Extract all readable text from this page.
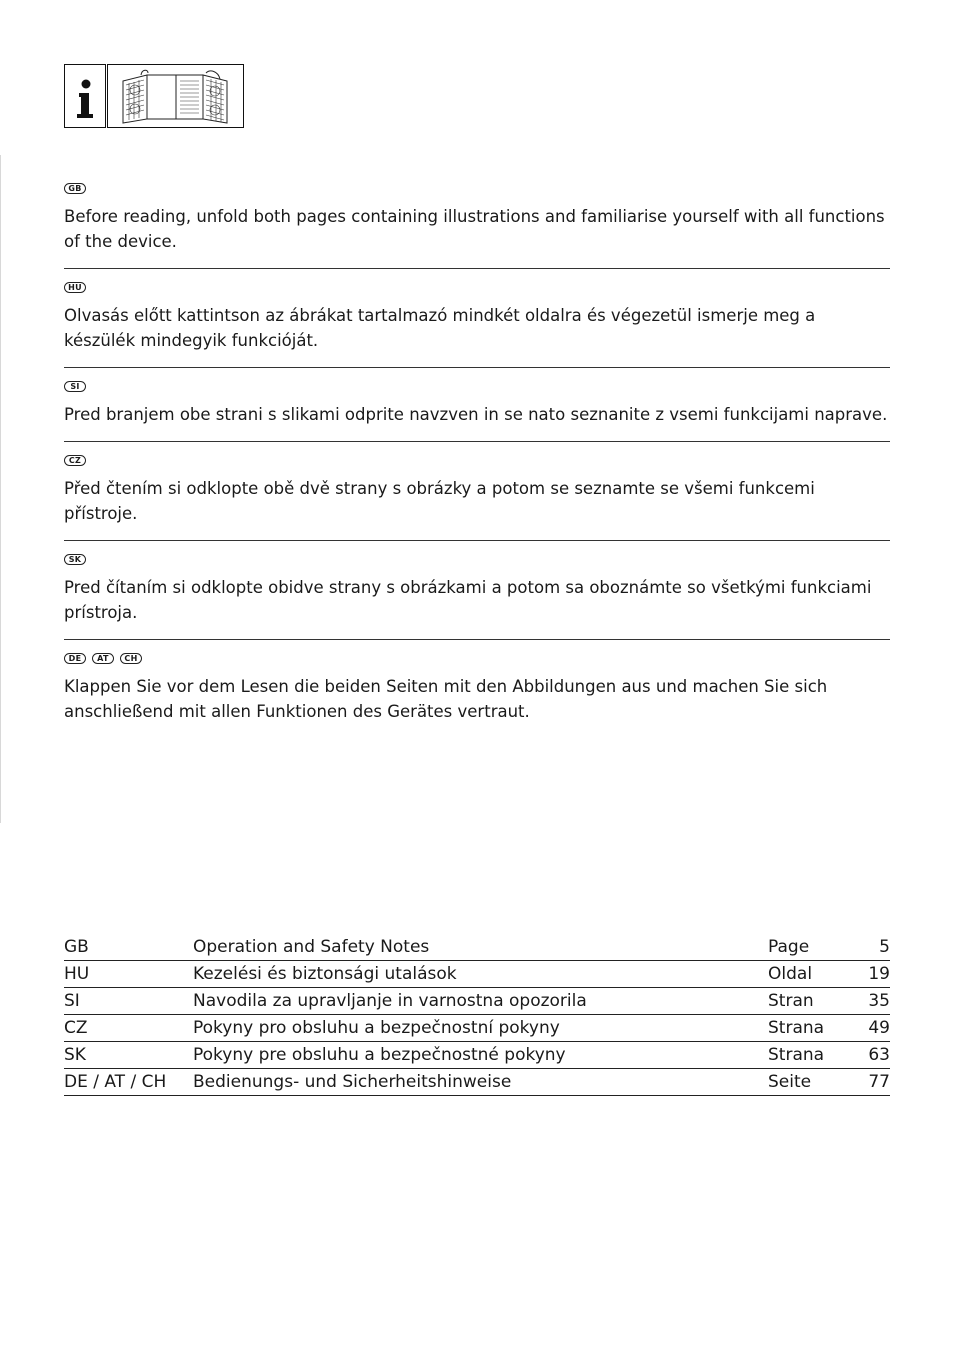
GB
Before reading, unfold both pages containing illustrations and familiarise yourself with all functions of the device.
HU
Olvasás előtt kattintson az ábrákat tartalmazó mindkét oldalra és végezetül ismerje meg a készülék mindegyik funkcióját.
SI
Pred branjem obe strani s slikami odprite navzven in se nato seznanite z vsemi funkcijami naprave.
CZ
Před čtením si odklopte obě dvě strany s obrázky a potom se seznamte se všemi funkcemi přístroje.
SK
Pred čítaním si odklopte obidve strany s obrázkami a potom sa oboznámte so všetkými funkciami prístroja.
DE	AT	CH
Klappen Sie vor dem Lesen die beiden Seiten mit den Abbildungen aus und machen Sie sich anschließend mit allen Funktionen des Gerätes vertraut.
GB	Operation and Safety Notes	Page	5
HU	Kezelési és biztonsági utalások	Oldal	19
SI	Navodila za upravljanje in varnostna opozorila	Stran	35
CZ	Pokyny pro obsluhu a bezpečnostní pokyny	Strana	49
SK	Pokyny pre obsluhu a bezpečnostné pokyny	Strana	63
DE / AT / CH	Bedienungs- und Sicherheitshinweise	Seite	77
